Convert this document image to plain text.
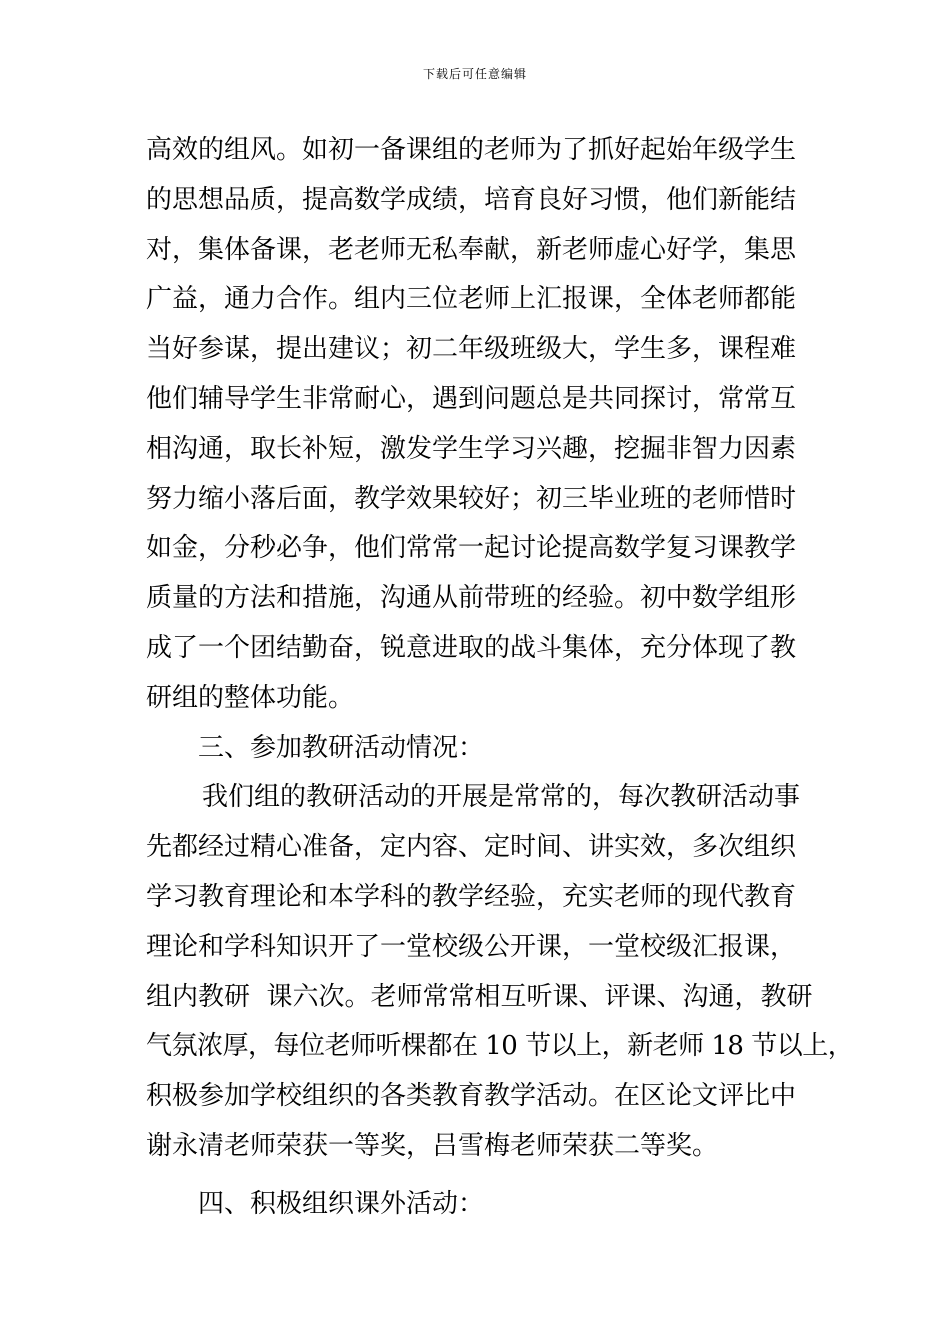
下载后可任意编辑
高效的组风。如初一备课组的老师为了抓好起始年级学生
的思想品质，提高数学成绩，培育良好习惯，他们新能结
对，集体备课，老老师无私奉献，新老师虚心好学，集思
广益，通力合作。组内三位老师上汇报课，全体老师都能
当好参谋，提出建议；初二年级班级大，学生多，课程难
他们辅导学生非常耐心，遇到问题总是共同探讨，常常互
相沟通，取长补短，激发学生学习兴趣，挖掘非智力因素
努力缩小落后面，教学效果较好；初三毕业班的老师惜时
如金，分秒必争，他们常常一起讨论提高数学复习课教学
质量的方法和措施，沟通从前带班的经验。初中数学组形
成了一个团结勤奋，锐意进取的战斗集体，充分体现了教
研组的整体功能。
三、参加教研活动情况：
我们组的教研活动的开展是常常的，每次教研活动事
先都经过精心准备，定内容、定时间、讲实效，多次组织
学习教育理论和本学科的教学经验，充实老师的现代教育
理论和学科知识开了一堂校级公开课，一堂校级汇报课，
组内教研  课六次。老师常常相互听课、评课、沟通，教研
气氛浓厚，每位老师听棵都在 10 节以上，新老师 18 节以上，
积极参加学校组织的各类教育教学活动。在区论文评比中
谢永清老师荣获一等奖，吕雪梅老师荣获二等奖。
四、积极组织课外活动：
